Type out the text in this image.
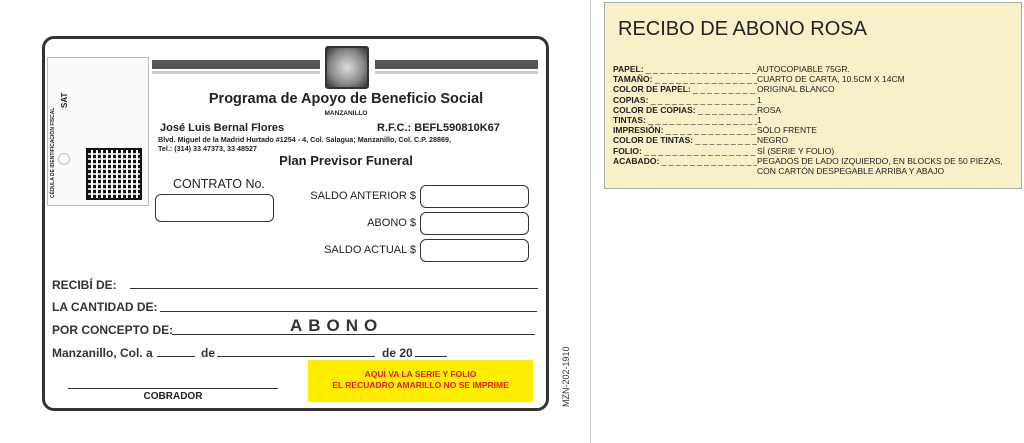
CÉDULA DE IDENTIFICACIÓN FISCAL
SAT	Programa de Apoyo de Beneficio Social
MANZANILLO
José Luis Bernal Flores	R.F.C.: BEFL590810K67
Blvd. Miguel de la Madrid Hurtado #1254 - 4, Col. Salagua; Manzanillo, Col. C.P. 28869,
Tel.: (314) 33 47373, 33 48527
Plan Previsor Funeral
CONTRATO No.
SALDO ANTERIOR $
ABONO $
SALDO ACTUAL $
RECIBÍ DE:
LA CANTIDAD DE:
POR CONCEPTO DE:	ABONO
Manzanillo, Col. a	de	de 20
AQUI VA LA SERIE Y FOLIO
EL RECUADRO AMARILLO NO SE IMPRIME
COBRADOR	MZN-202-1910
RECIBO DE ABONO ROSA
PAPEL: _ _ _	AUTOCOPIABLE 75GR.
TAMAÑO: _ _ _	CUARTO DE CARTA, 10.5CM X 14CM
COLOR DE PAPEL: _ _ _	ORIGINAL BLANCO
COPIAS: _ _ _	1
COLOR DE COPIAS: _ _ _	ROSA
TINTAS: _ _ _	1
IMPRESIÓN: _ _ _	SÓLO FRENTE
COLOR DE TINTAS: _ _ _	NEGRO
FOLIO: _ _ _	SÍ (SERIE Y FOLIO)
ACABADO: _ _ _	PEGADOS DE LADO IZQUIERDO, EN BLOCKS DE 50 PIEZAS, CON CARTÓN DESPEGABLE ARRIBA Y ABAJO
